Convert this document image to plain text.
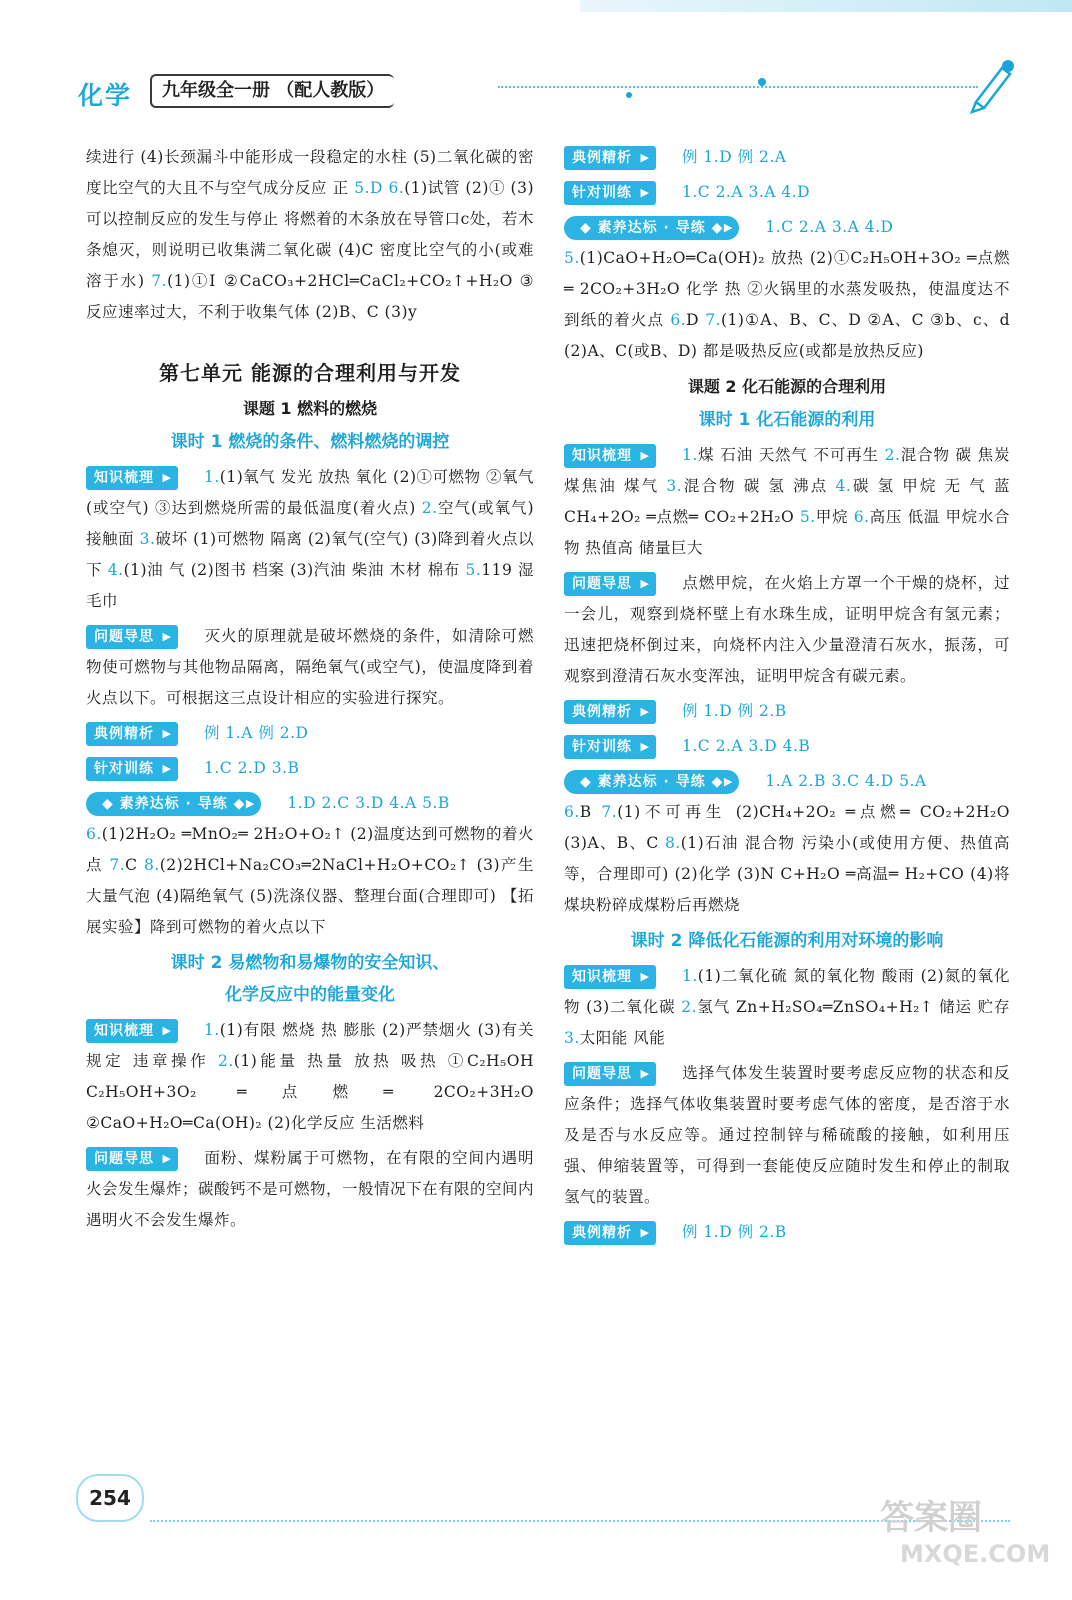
化学	九年级全一册 （配人教版）

续进行 (4)长颈漏斗中能形成一段稳定的水柱 (5)二氧化碳的密度比空气的大且不与空气成分反应 正 5.D 6.(1)试管 (2)① (3)可以控制反应的发生与停止 将燃着的木条放在导管口c处，若木条熄灭，则说明已收集满二氧化碳 (4)C 密度比空气的小(或难溶于水) 7.(1)①Ⅰ ②CaCO₃+2HCl═CaCl₂+CO₂↑+H₂O ③反应速率过大，不利于收集气体 (2)B、C (3)y

第七单元 能源的合理利用与开发
课题 1 燃料的燃烧
课时 1 燃烧的条件、燃料燃烧的调控

知识梳理 ▶	1.(1)氧气 发光 放热 氧化 (2)①可燃物 ②氧气(或空气) ③达到燃烧所需的最低温度(着火点) 2.空气(或氧气) 接触面 3.破坏 (1)可燃物 隔离 (2)氧气(空气) (3)降到着火点以下 4.(1)油 气 (2)图书 档案 (3)汽油 柴油 木材 棉布 5.119 湿毛巾

问题导思 ▶	灭火的原理就是破坏燃烧的条件，如清除可燃物使可燃物与其他物品隔离，隔绝氧气(或空气)，使温度降到着火点以下。可根据这三点设计相应的实验进行探究。

典例精析 ▶	例 1.A 例 2.D

针对训练 ▶	1.C 2.D 3.B

◆ 素养达标 · 导练 ◆ ▶	1.D 2.C 3.D 4.A 5.B
6.(1)2H₂O₂ ═MnO₂═ 2H₂O+O₂↑ (2)温度达到可燃物的着火点 7.C 8.(2)2HCl+Na₂CO₃═2NaCl+H₂O+CO₂↑ (3)产生大量气泡 (4)隔绝氧气 (5)洗涤仪器、整理台面(合理即可) 【拓展实验】降到可燃物的着火点以下

课时 2 易燃物和易爆物的安全知识、
化学反应中的能量变化

知识梳理 ▶	1.(1)有限 燃烧 热 膨胀 (2)严禁烟火 (3)有关规定 违章操作 2.(1)能量 热量 放热 吸热 ①C₂H₅OH C₂H₅OH+3O₂ ═点燃═ 2CO₂+3H₂O ②CaO+H₂O═Ca(OH)₂ (2)化学反应 生活燃料

问题导思 ▶	面粉、煤粉属于可燃物，在有限的空间内遇明火会发生爆炸；碳酸钙不是可燃物，一般情况下在有限的空间内遇明火不会发生爆炸。

典例精析 ▶	例 1.D 例 2.A

针对训练 ▶	1.C 2.A 3.A 4.D

◆ 素养达标 · 导练 ◆ ▶	1.C 2.A 3.A 4.D
5.(1)CaO+H₂O═Ca(OH)₂ 放热 (2)①C₂H₅OH+3O₂ ═点燃═ 2CO₂+3H₂O 化学 热 ②火锅里的水蒸发吸热，使温度达不到纸的着火点 6.D 7.(1)①A、B、C、D ②A、C ③b、c、d (2)A、C(或B、D) 都是吸热反应(或都是放热反应)

课题 2 化石能源的合理利用
课时 1 化石能源的利用

知识梳理 ▶	1.煤 石油 天然气 不可再生 2.混合物 碳 焦炭 煤焦油 煤气 3.混合物 碳 氢 沸点 4.碳 氢 甲烷 无 气 蓝 CH₄+2O₂ ═点燃═ CO₂+2H₂O 5.甲烷 6.高压 低温 甲烷水合物 热值高 储量巨大

问题导思 ▶	点燃甲烷，在火焰上方罩一个干燥的烧杯，过一会儿，观察到烧杯壁上有水珠生成，证明甲烷含有氢元素；迅速把烧杯倒过来，向烧杯内注入少量澄清石灰水，振荡，可观察到澄清石灰水变浑浊，证明甲烷含有碳元素。

典例精析 ▶	例 1.D 例 2.B

针对训练 ▶	1.C 2.A 3.D 4.B

◆ 素养达标 · 导练 ◆ ▶	1.A 2.B 3.C 4.D 5.A
6.B 7.(1)不可再生 (2)CH₄+2O₂ ═点燃═ CO₂+2H₂O (3)A、B、C 8.(1)石油 混合物 污染小(或使用方便、热值高等，合理即可) (2)化学 (3)N C+H₂O ═高温═ H₂+CO (4)将煤块粉碎成煤粉后再燃烧

课时 2 降低化石能源的利用对环境的影响

知识梳理 ▶	1.(1)二氧化硫 氮的氧化物 酸雨 (2)氮的氧化物 (3)二氧化碳 2.氢气 Zn+H₂SO₄═ZnSO₄+H₂↑ 储运 贮存 3.太阳能 风能

问题导思 ▶	选择气体发生装置时要考虑反应物的状态和反应条件；选择气体收集装置时要考虑气体的密度，是否溶于水及是否与水反应等。通过控制锌与稀硫酸的接触，如利用压强、伸缩装置等，可得到一套能使反应随时发生和停止的制取氢气的装置。

典例精析 ▶	例 1.D 例 2.B

254	答案圈
MXQE.COM
